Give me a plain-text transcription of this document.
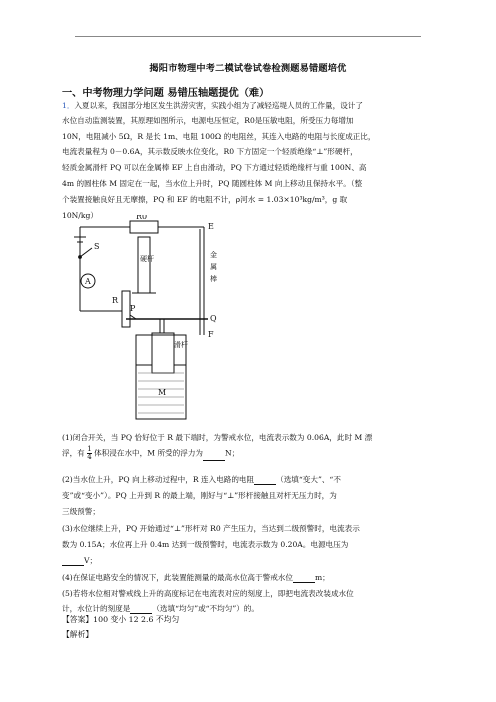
揭阳市物理中考二模试卷试卷检测题易错题培优
一、中考物理力学问题 易错压轴题提优（难）
1．入夏以来，我国部分地区发生洪涝灾害，实践小组为了减轻巡堤人员的工作量，设计了
水位自动监测装置，其原理如图所示，电源电压恒定，R0是压敏电阻，所受压力每增加
10N，电阻减小 5Ω，R 是长 1m、电阻 100Ω 的电阻丝，其连入电路的电阻与长度成正比，
电流表量程为 0－0.6A，其示数反映水位变化，R0 下方固定一个轻质绝缘“⊥”形硬杆，
轻质金属滑杆 PQ 可以在金属棒 EF 上自由滑动，PQ 下方通过轻质绝缘杆与重 100N、高
4m 的圆柱体 M 固定在一起，当水位上升时，PQ 随圆柱体 M 向上移动且保持水平。（整
个装置接触良好且无摩擦，PQ 和 EF 的电阻不计，ρ河水 = 1.03×10³kg/m³，g 取
10N/kg）	R0
E
F
S
A
R
P
Q
M
硬杆	金
属
棒
滑杆
(1)闭合开关，当 PQ 恰好位于 R 最下端时，为警戒水位，电流表示数为 0.06A，此时 M 漂
浮，有 $\frac{1}{4}$ 体积浸在水中，M 所受的浮力为	N；
(2)当水位上升，PQ 向上移动过程中，R 连入电路的电阻	（选填“变大”、“不
变”或“变小”）。PQ 上升到 R 的最上端，刚好与“⊥”形杆接触且对杆无压力时，为
三级预警；
(3)水位继续上升，PQ 开始通过“⊥”形杆对 R0 产生压力，当达到二级预警时，电流表示
数为 0.15A；水位再上升 0.4m 达到一级预警时，电流表示数为 0.20A。电源电压为
V；
(4)在保证电路安全的情况下，此装置能测量的最高水位高于警戒水位	m；
(5)若将水位相对警戒线上升的高度标记在电流表对应的刻度上，即把电流表改装成水位
计，水位计的刻度是	（选填“均匀”或“不均匀”）的。
【答案】100 变小 12 2.6 不均匀
【解析】
